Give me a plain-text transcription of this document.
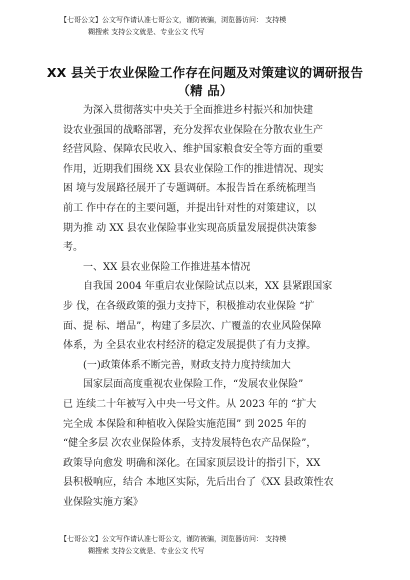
【七哥公文】公文写作请认准七哥公文，谨防被骗，浏览器访问： 支持模
糊搜索 支持公文就是、专业公文 代写
XX 县关于农业保险工作存在问题及对策建议的调研报告
（精 品）
为深入贯彻落实中央关于全面推进乡村振兴和加快建
设农业强国的战略部署，充分发挥农业保险在分散农业生产
经营风险、保障农民收入、维护国家粮食安全等方面的重要
作用，近期我们围绕 XX 县农业保险工作的推进情况、现实
困 境与发展路径展开了专题调研。本报告旨在系统梳理当
前工 作中存在的主要问题，并提出针对性的对策建议，以
期为推 动 XX 县农业保险事业实现高质量发展提供决策参
考。
一、XX 县农业保险工作推进基本情况
自我国 2004 年重启农业保险试点以来，XX 县紧跟国家
步 伐，在各级政策的强力支持下，积极推动农业保险 “扩
面、提 标、增品”，构建了多层次、广覆盖的农业风险保障
体系，为 全县农业农村经济的稳定发展提供了有力支撑。
(一)政策体系不断完善，财政支持力度持续加大
国家层面高度重视农业保险工作，“发展农业保险”
已 连续二十年被写入中央一号文件。从 2023 年的 “扩大
完全成 本保险和种植收入保险实施范围” 到 2025 年的
“健全多层 次农业保险体系，支持发展特色农产品保险”，
政策导向愈发 明确和深化。在国家顶层设计的指引下，XX
县积极响应，结合 本地区实际，先后出台了《XX 县政策性农
业保险实施方案》
【七哥公文】公文写作请认准七哥公文，谨防被骗，浏览器访问： 支持模
糊搜索 支持公文就是、专业公文 代写
